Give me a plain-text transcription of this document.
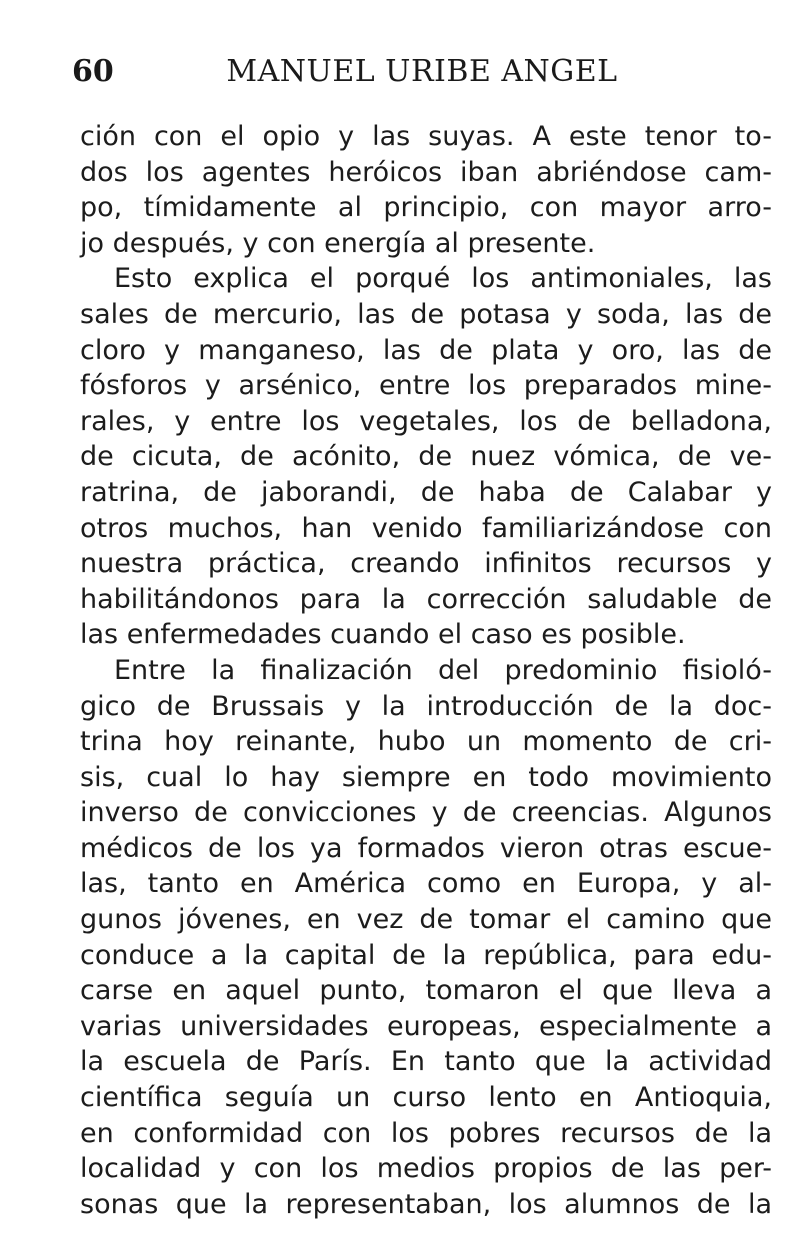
60	MANUEL URIBE ANGEL
ción con el opio y las suyas. A este tenor to-
dos los agentes heróicos iban abriéndose cam-
po, tímidamente al principio, con mayor arro-
jo después, y con energía al presente.
Esto explica el porqué los antimoniales, las
sales de mercurio, las de potasa y soda, las de
cloro y manganeso, las de plata y oro, las de
fósforos y arsénico, entre los preparados mine-
rales, y entre los vegetales, los de belladona,
de cicuta, de acónito, de nuez vómica, de ve-
ratrina, de jaborandi, de haba de Calabar y
otros muchos, han venido familiarizándose con
nuestra práctica, creando infinitos recursos y
habilitándonos para la corrección saludable de
las enfermedades cuando el caso es posible.
Entre la finalización del predominio fisioló-
gico de Brussais y la introducción de la doc-
trina hoy reinante, hubo un momento de cri-
sis, cual lo hay siempre en todo movimiento
inverso de convicciones y de creencias. Algunos
médicos de los ya formados vieron otras escue-
las, tanto en América como en Europa, y al-
gunos jóvenes, en vez de tomar el camino que
conduce a la capital de la república, para edu-
carse en aquel punto, tomaron el que lleva a
varias universidades europeas, especialmente a
la escuela de París. En tanto que la actividad
científica seguía un curso lento en Antioquia,
en conformidad con los pobres recursos de la
localidad y con los medios propios de las per-
sonas que la representaban, los alumnos de la
